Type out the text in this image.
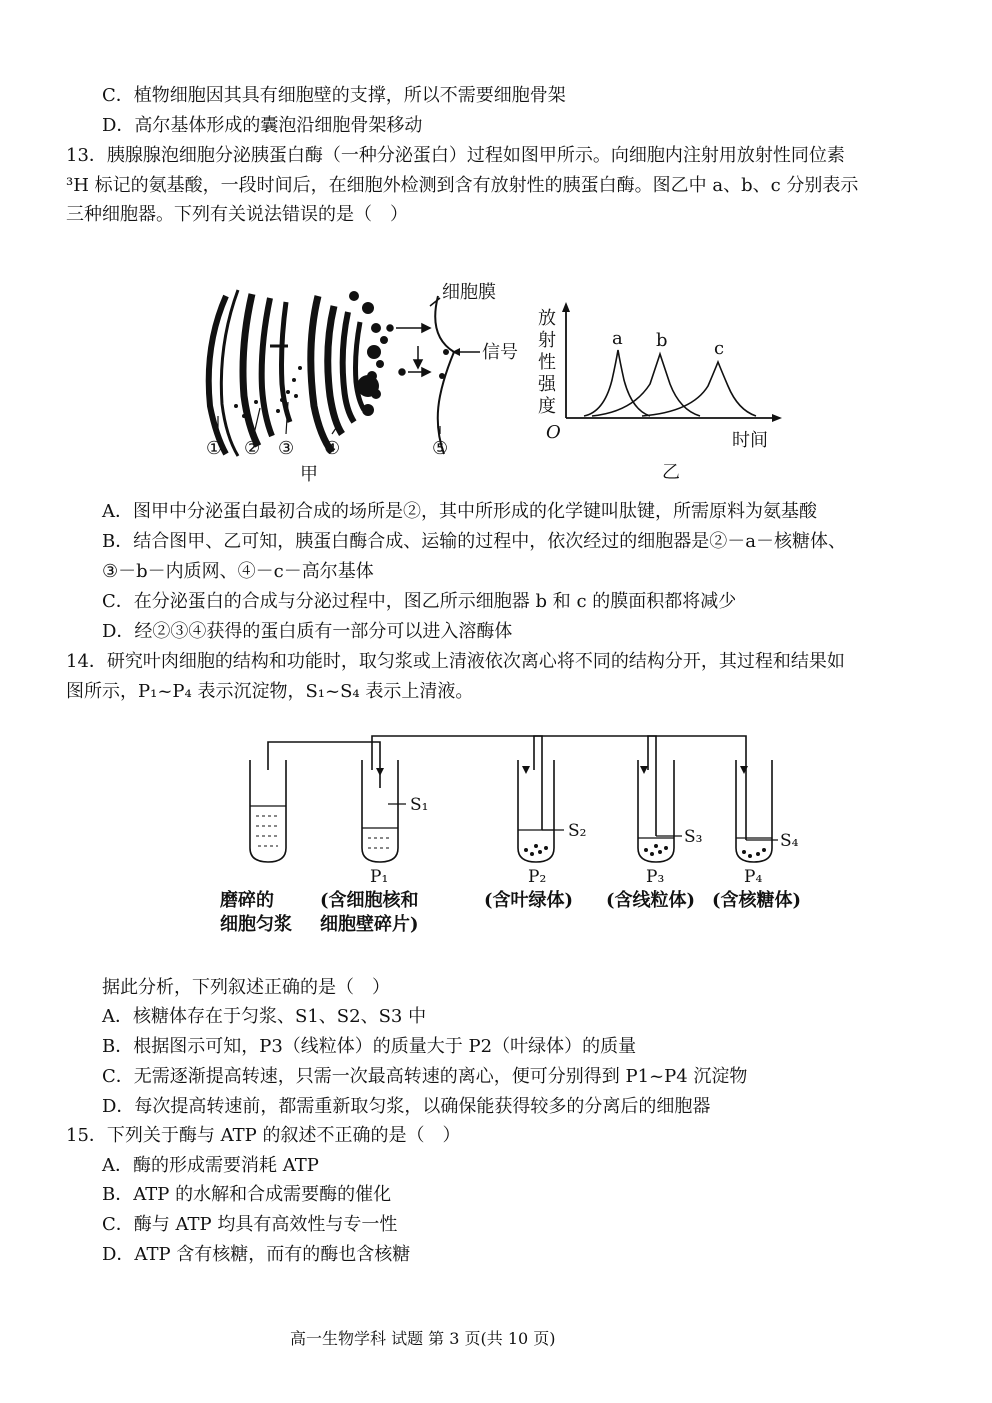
C．植物细胞因其具有细胞壁的支撑，所以不需要细胞骨架
D．高尔基体形成的囊泡沿细胞骨架移动
13．胰腺腺泡细胞分泌胰蛋白酶（一种分泌蛋白）过程如图甲所示。向细胞内注射用放射性同位素
³H 标记的氨基酸，一段时间后，在细胞外检测到含有放射性的胰蛋白酶。图乙中 a、b、c 分别表示
三种细胞器。下列有关说法错误的是（　）
信号
细胞膜
① ② ③ ④	⑤
甲
放
射
性
强
度
O	时间
a b	c
乙
A．图甲中分泌蛋白最初合成的场所是②，其中所形成的化学键叫肽键，所需原料为氨基酸
B．结合图甲、乙可知，胰蛋白酶合成、运输的过程中，依次经过的细胞器是②－a－核糖体、
③－b－内质网、④－c－高尔基体
C．在分泌蛋白的合成与分泌过程中，图乙所示细胞器 b 和 c 的膜面积都将减少
D．经②③④获得的蛋白质有一部分可以进入溶酶体
14．研究叶肉细胞的结构和功能时，取匀浆或上清液依次离心将不同的结构分开，其过程和结果如
图所示，P₁~P₄ 表示沉淀物，S₁~S₄ 表示上清液。
S₁
S₂	S₃	S₄
P₁	P₂	P₃	P₄
磨碎的
细胞匀浆
(含细胞核和
细胞壁碎片)
(含叶绿体) (含线粒体) (含核糖体)
据此分析，下列叙述正确的是（　）
A．核糖体存在于匀浆、S1、S2、S3 中
B．根据图示可知，P3（线粒体）的质量大于 P2（叶绿体）的质量
C．无需逐渐提高转速，只需一次最高转速的离心，便可分别得到 P1~P4 沉淀物
D．每次提高转速前，都需重新取匀浆，以确保能获得较多的分离后的细胞器
15．下列关于酶与 ATP 的叙述不正确的是（　）
A．酶的形成需要消耗 ATP
B．ATP 的水解和合成需要酶的催化
C．酶与 ATP 均具有高效性与专一性
D．ATP 含有核糖，而有的酶也含核糖
高一生物学科 试题 第 3 页(共 10 页)
